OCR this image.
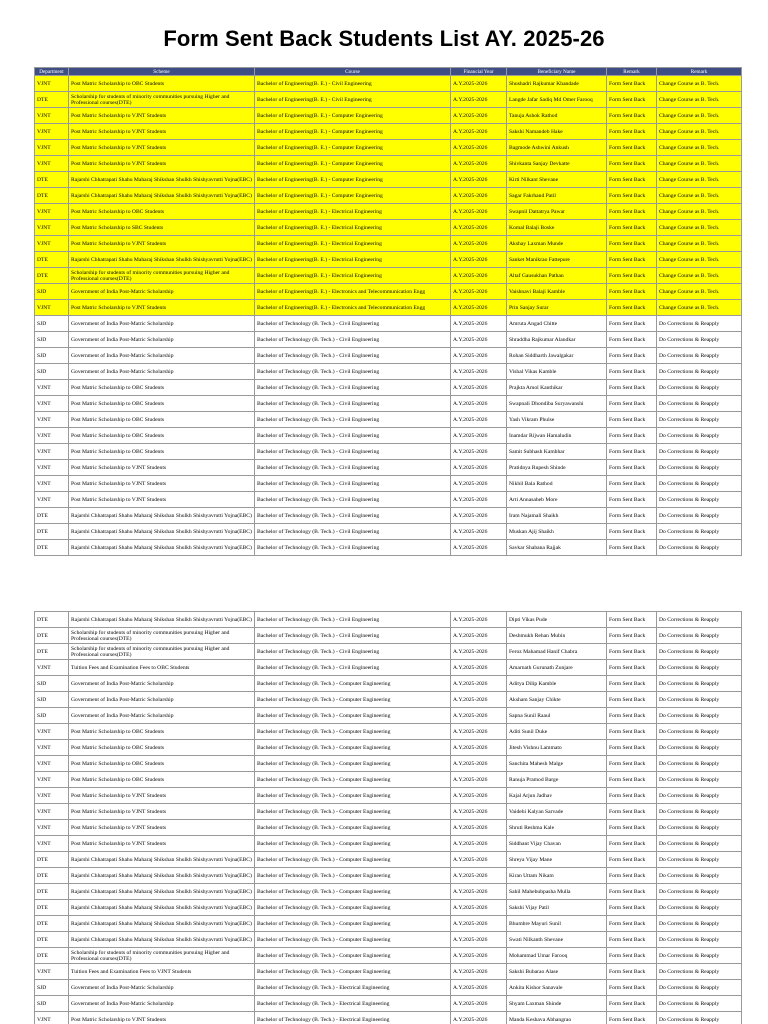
Form Sent Back Students List AY. 2025-26
Department	Scheme	Course	Financial Year	Beneficiary Name	Remark	Remark
VJNT	Post Matric Scholarship to OBC Students	Bachelor of Engineering(B. E.) - Civil Engineering	A.Y.2025-2026	Shushadri Rajkumar Khandade	Form Sent Back	Change Course as B. Tech.
DTE	Scholarship for students of minority communities pursuing Higher and Professional courses(DTE)	Bachelor of Engineering(B. E.) - Civil Engineering	A.Y.2025-2026	Langde Jafar Sadiq Md Omer Farooq	Form Sent Back	Change Course as B. Tech.
VJNT	Post Matric Scholarship to VJNT Students	Bachelor of Engineering(B. E.) - Computer Engineering	A.Y.2025-2026	Tanuja Ashok Rathod	Form Sent Back	Change Course as B. Tech.
VJNT	Post Matric Scholarship to VJNT Students	Bachelor of Engineering(B. E.) - Computer Engineering	A.Y.2025-2026	Sakshi Namandeb Hake	Form Sent Back	Change Course as B. Tech.
VJNT	Post Matric Scholarship to VJNT Students	Bachelor of Engineering(B. E.) - Computer Engineering	A.Y.2025-2026	Bagmode Ashwini Ankush	Form Sent Back	Change Course as B. Tech.
VJNT	Post Matric Scholarship to VJNT Students	Bachelor of Engineering(B. E.) - Computer Engineering	A.Y.2025-2026	Shivkanta Sanjay Devkatte	Form Sent Back	Change Course as B. Tech.
DTE	Rajarshi Chhatrapati Shahu Maharaj Shikshan Shulkh Shishyavrutti Yojna(EBC)	Bachelor of Engineering(B. E.) - Computer Engineering	A.Y.2025-2026	Kirti Nilkant Shevane	Form Sent Back	Change Course as B. Tech.
DTE	Rajarshi Chhatrapati Shahu Maharaj Shikshan Shulkh Shishyavrutti Yojna(EBC)	Bachelor of Engineering(B. E.) - Computer Engineering	A.Y.2025-2026	Sagar Fakrhand Patil	Form Sent Back	Change Course as B. Tech.
VJNT	Post Matric Scholarship to OBC Students	Bachelor of Engineering(B. E.) - Electrical Engineering	A.Y.2025-2026	Swapnil Dattatrya Pawar	Form Sent Back	Change Course as B. Tech.
VJNT	Post Matric Scholarship to SBC Students	Bachelor of Engineering(B. E.) - Electrical Engineering	A.Y.2025-2026	Komal Balaji Boske	Form Sent Back	Change Course as B. Tech.
VJNT	Post Matric Scholarship to VJNT Students	Bachelor of Engineering(B. E.) - Electrical Engineering	A.Y.2025-2026	Akshay Laxman Munde	Form Sent Back	Change Course as B. Tech.
DTE	Rajarshi Chhatrapati Shahu Maharaj Shikshan Shulkh Shishyavrutti Yojna(EBC)	Bachelor of Engineering(B. E.) - Electrical Engineering	A.Y.2025-2026	Sanket Manikrao Fattepure	Form Sent Back	Change Course as B. Tech.
DTE	Scholarship for students of minority communities pursuing Higher and Professional courses(DTE)	Bachelor of Engineering(B. E.) - Electrical Engineering	A.Y.2025-2026	Altaf Gausukhan Pathan	Form Sent Back	Change Course as B. Tech.
SJD	Government of India Post-Matric Scholarship	Bachelor of Engineering(B. E.) - Electronics and Telecommunication Engg	A.Y.2025-2026	Vaishnavi Balaji Kamble	Form Sent Back	Change Course as B. Tech.
VJNT	Post Matric Scholarship to VJNT Students	Bachelor of Engineering(B. E.) - Electronics and Telecommunication Engg	A.Y.2025-2026	Prin Sanjay Surar	Form Sent Back	Change Course as B. Tech.
SJD	Government of India Post-Matric Scholarship	Bachelor of Technology (B. Tech.) - Civil Engineering	A.Y.2025-2026	Amruta Angad Chitte	Form Sent Back	Do Corrections & Reapply
SJD	Government of India Post-Matric Scholarship	Bachelor of Technology (B. Tech.) - Civil Engineering	A.Y.2025-2026	Shraddha Rajkumar Alandkar	Form Sent Back	Do Corrections & Reapply
SJD	Government of India Post-Matric Scholarship	Bachelor of Technology (B. Tech.) - Civil Engineering	A.Y.2025-2026	Rohan Siddharth Jawalgakar	Form Sent Back	Do Corrections & Reapply
SJD	Government of India Post-Matric Scholarship	Bachelor of Technology (B. Tech.) - Civil Engineering	A.Y.2025-2026	Vishal Vikas Kamble	Form Sent Back	Do Corrections & Reapply
VJNT	Post Matric Scholarship to OBC Students	Bachelor of Technology (B. Tech.) - Civil Engineering	A.Y.2025-2026	Prajkta Amol Kanthikar	Form Sent Back	Do Corrections & Reapply
VJNT	Post Matric Scholarship to OBC Students	Bachelor of Technology (B. Tech.) - Civil Engineering	A.Y.2025-2026	Swapnali Dhondiba Suryawanshi	Form Sent Back	Do Corrections & Reapply
VJNT	Post Matric Scholarship to OBC Students	Bachelor of Technology (B. Tech.) - Civil Engineering	A.Y.2025-2026	Yash Vikram Phulse	Form Sent Back	Do Corrections & Reapply
VJNT	Post Matric Scholarship to OBC Students	Bachelor of Technology (B. Tech.) - Civil Engineering	A.Y.2025-2026	Inamdar Rijwan Hamaludin	Form Sent Back	Do Corrections & Reapply
VJNT	Post Matric Scholarship to OBC Students	Bachelor of Technology (B. Tech.) - Civil Engineering	A.Y.2025-2026	Samit Subhash Kambhar	Form Sent Back	Do Corrections & Reapply
VJNT	Post Matric Scholarship to VJNT Students	Bachelor of Technology (B. Tech.) - Civil Engineering	A.Y.2025-2026	Pratidnya Rupesh Shinde	Form Sent Back	Do Corrections & Reapply
VJNT	Post Matric Scholarship to VJNT Students	Bachelor of Technology (B. Tech.) - Civil Engineering	A.Y.2025-2026	Nikhil Bala Rathod	Form Sent Back	Do Corrections & Reapply
VJNT	Post Matric Scholarship to VJNT Students	Bachelor of Technology (B. Tech.) - Civil Engineering	A.Y.2025-2026	Arti Annasaheb More	Form Sent Back	Do Corrections & Reapply
DTE	Rajarshi Chhatrapati Shahu Maharaj Shikshan Shulkh Shishyavrutti Yojna(EBC)	Bachelor of Technology (B. Tech.) - Civil Engineering	A.Y.2025-2026	Iram Najamali Shaikh	Form Sent Back	Do Corrections & Reapply
DTE	Rajarshi Chhatrapati Shahu Maharaj Shikshan Shulkh Shishyavrutti Yojna(EBC)	Bachelor of Technology (B. Tech.) - Civil Engineering	A.Y.2025-2026	Muskan Ajij Shaikh	Form Sent Back	Do Corrections & Reapply
DTE	Rajarshi Chhatrapati Shahu Maharaj Shikshan Shulkh Shishyavrutti Yojna(EBC)	Bachelor of Technology (B. Tech.) - Civil Engineering	A.Y.2025-2026	Savkar Shabana Rajjak	Form Sent Back	Do Corrections & Reapply
DTE	Rajarshi Chhatrapati Shahu Maharaj Shikshan Shulkh Shishyavrutti Yojna(EBC)	Bachelor of Technology (B. Tech.) - Civil Engineering	A.Y.2025-2026	Dipti Vikas Pude	Form Sent Back	Do Corrections & Reapply
DTE	Scholarship for students of minority communities pursuing Higher and Professional courses(DTE)	Bachelor of Technology (B. Tech.) - Civil Engineering	A.Y.2025-2026	Deshmukh Rehan Mubin	Form Sent Back	Do Corrections & Reapply
DTE	Scholarship for students of minority communities pursuing Higher and Professional courses(DTE)	Bachelor of Technology (B. Tech.) - Civil Engineering	A.Y.2025-2026	Feroz Mahamad Hanif Chabra	Form Sent Back	Do Corrections & Reapply
VJNT	Tuition Fees and Examination Fees to OBC Students	Bachelor of Technology (B. Tech.) - Civil Engineering	A.Y.2025-2026	Amarnath Gurunath Zunjare	Form Sent Back	Do Corrections & Reapply
SJD	Government of India Post-Matric Scholarship	Bachelor of Technology (B. Tech.) - Computer Engineering	A.Y.2025-2026	Aditya Dilip Kamble	Form Sent Back	Do Corrections & Reapply
SJD	Government of India Post-Matric Scholarship	Bachelor of Technology (B. Tech.) - Computer Engineering	A.Y.2025-2026	Aksham Sanjay Chikte	Form Sent Back	Do Corrections & Reapply
SJD	Government of India Post-Matric Scholarship	Bachelor of Technology (B. Tech.) - Computer Engineering	A.Y.2025-2026	Sapna Sunil Raaul	Form Sent Back	Do Corrections & Reapply
VJNT	Post Matric Scholarship to OBC Students	Bachelor of Technology (B. Tech.) - Computer Engineering	A.Y.2025-2026	Aditi Sunil Duke	Form Sent Back	Do Corrections & Reapply
VJNT	Post Matric Scholarship to OBC Students	Bachelor of Technology (B. Tech.) - Computer Engineering	A.Y.2025-2026	Jitesh Vishnu Lammato	Form Sent Back	Do Corrections & Reapply
VJNT	Post Matric Scholarship to OBC Students	Bachelor of Technology (B. Tech.) - Computer Engineering	A.Y.2025-2026	Sanchita Mahesh Malge	Form Sent Back	Do Corrections & Reapply
VJNT	Post Matric Scholarship to OBC Students	Bachelor of Technology (B. Tech.) - Computer Engineering	A.Y.2025-2026	Ranuja Pramod Barge	Form Sent Back	Do Corrections & Reapply
VJNT	Post Matric Scholarship to VJNT Students	Bachelor of Technology (B. Tech.) - Computer Engineering	A.Y.2025-2026	Kajal Arjun Jadhav	Form Sent Back	Do Corrections & Reapply
VJNT	Post Matric Scholarship to VJNT Students	Bachelor of Technology (B. Tech.) - Computer Engineering	A.Y.2025-2026	Vaidehi Kalyan Sarvade	Form Sent Back	Do Corrections & Reapply
VJNT	Post Matric Scholarship to VJNT Students	Bachelor of Technology (B. Tech.) - Computer Engineering	A.Y.2025-2026	Shruti Reshma Kale	Form Sent Back	Do Corrections & Reapply
VJNT	Post Matric Scholarship to VJNT Students	Bachelor of Technology (B. Tech.) - Computer Engineering	A.Y.2025-2026	Siddhant Vijay Chavan	Form Sent Back	Do Corrections & Reapply
DTE	Rajarshi Chhatrapati Shahu Maharaj Shikshan Shulkh Shishyavrutti Yojna(EBC)	Bachelor of Technology (B. Tech.) - Computer Engineering	A.Y.2025-2026	Shreya Vijay Mane	Form Sent Back	Do Corrections & Reapply
DTE	Rajarshi Chhatrapati Shahu Maharaj Shikshan Shulkh Shishyavrutti Yojna(EBC)	Bachelor of Technology (B. Tech.) - Computer Engineering	A.Y.2025-2026	Kiran Uttam Nikam	Form Sent Back	Do Corrections & Reapply
DTE	Rajarshi Chhatrapati Shahu Maharaj Shikshan Shulkh Shishyavrutti Yojna(EBC)	Bachelor of Technology (B. Tech.) - Computer Engineering	A.Y.2025-2026	Sahil Mahebubpasha Mulla	Form Sent Back	Do Corrections & Reapply
DTE	Rajarshi Chhatrapati Shahu Maharaj Shikshan Shulkh Shishyavrutti Yojna(EBC)	Bachelor of Technology (B. Tech.) - Computer Engineering	A.Y.2025-2026	Sakshi Vijay Patil	Form Sent Back	Do Corrections & Reapply
DTE	Rajarshi Chhatrapati Shahu Maharaj Shikshan Shulkh Shishyavrutti Yojna(EBC)	Bachelor of Technology (B. Tech.) - Computer Engineering	A.Y.2025-2026	Bhumbre Mayuri Sunil	Form Sent Back	Do Corrections & Reapply
DTE	Rajarshi Chhatrapati Shahu Maharaj Shikshan Shulkh Shishyavrutti Yojna(EBC)	Bachelor of Technology (B. Tech.) - Computer Engineering	A.Y.2025-2026	Swati Nilkanth Shevane	Form Sent Back	Do Corrections & Reapply
DTE	Scholarship for students of minority communities pursuing Higher and Professional courses(DTE)	Bachelor of Technology (B. Tech.) - Computer Engineering	A.Y.2025-2026	Mohammad Umar Farooq	Form Sent Back	Do Corrections & Reapply
VJNT	Tuition Fees and Examination Fees to VJNT Students	Bachelor of Technology (B. Tech.) - Computer Engineering	A.Y.2025-2026	Sakshi Bubarao Alase	Form Sent Back	Do Corrections & Reapply
SJD	Government of India Post-Matric Scholarship	Bachelor of Technology (B. Tech.) - Electrical Engineering	A.Y.2025-2026	Ankita Kishor Sanavale	Form Sent Back	Do Corrections & Reapply
SJD	Government of India Post-Matric Scholarship	Bachelor of Technology (B. Tech.) - Electrical Engineering	A.Y.2025-2026	Shyam Laxman Shinde	Form Sent Back	Do Corrections & Reapply
VJNT	Post Matric Scholarship to VJNT Students	Bachelor of Technology (B. Tech.) - Electrical Engineering	A.Y.2025-2026	Manda Keshava Abhangrao	Form Sent Back	Do Corrections & Reapply
